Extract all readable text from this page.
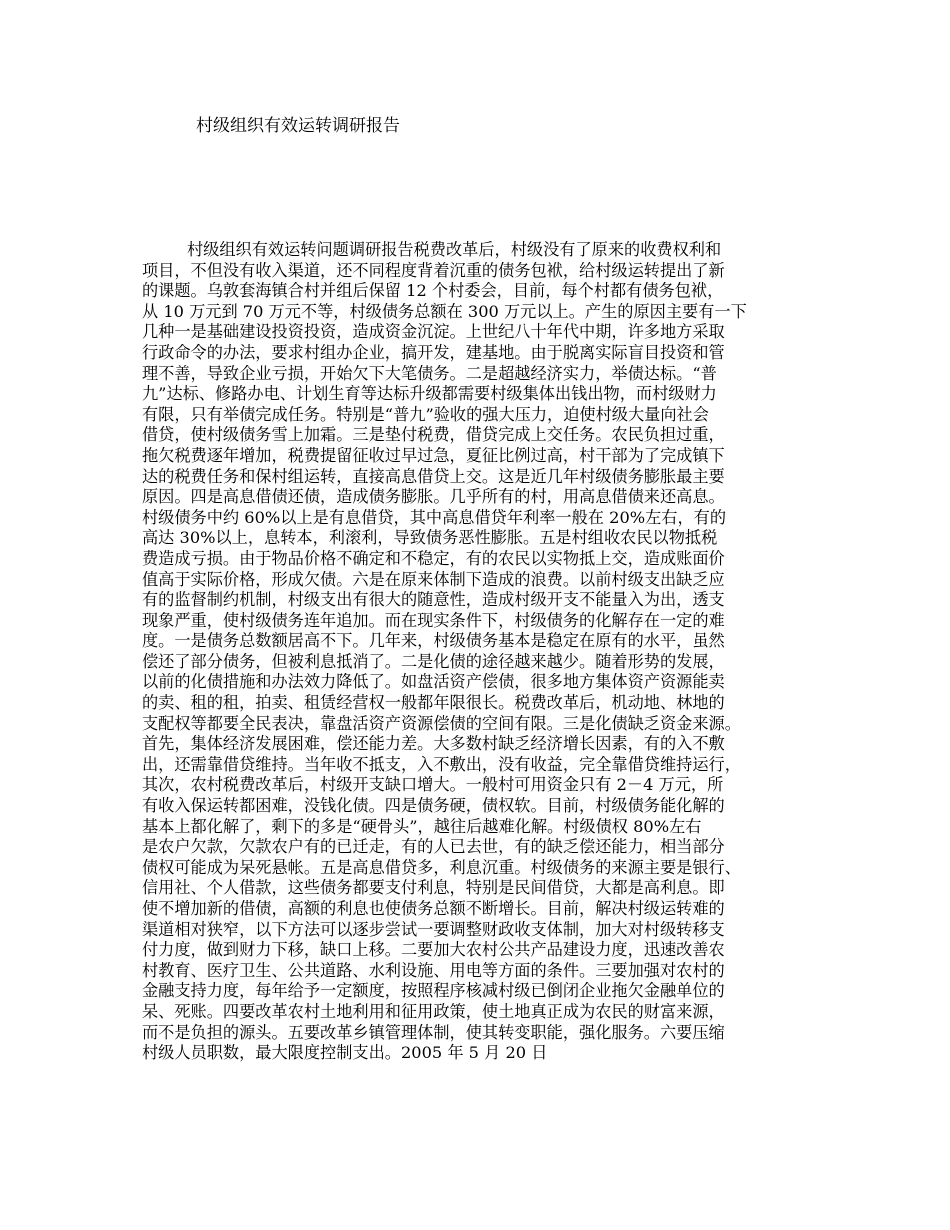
村级组织有效运转调研报告
村级组织有效运转问题调研报告税费改革后，村级没有了原来的收费权利和
项目，不但没有收入渠道，还不同程度背着沉重的债务包袱，给村级运转提出了新
的课题。乌敦套海镇合村并组后保留 12 个村委会，目前，每个村都有债务包袱，
从 10 万元到 70 万元不等，村级债务总额在 300 万元以上。产生的原因主要有一下
几种一是基础建设投资投资，造成资金沉淀。上世纪八十年代中期，许多地方采取
行政命令的办法，要求村组办企业，搞开发，建基地。由于脱离实际盲目投资和管
理不善，导致企业亏损，开始欠下大笔债务。二是超越经济实力，举债达标。“普
九”达标、修路办电、计划生育等达标升级都需要村级集体出钱出物，而村级财力
有限，只有举债完成任务。特别是“普九”验收的强大压力，迫使村级大量向社会
借贷，使村级债务雪上加霜。三是垫付税费，借贷完成上交任务。农民负担过重，
拖欠税费逐年增加，税费提留征收过早过急，夏征比例过高，村干部为了完成镇下
达的税费任务和保村组运转，直接高息借贷上交。这是近几年村级债务膨胀最主要
原因。四是高息借债还债，造成债务膨胀。几乎所有的村，用高息借债来还高息。
村级债务中约 60%以上是有息借贷，其中高息借贷年利率一般在 20%左右，有的
高达 30%以上，息转本，利滚利，导致债务恶性膨胀。五是村组收农民以物抵税
费造成亏损。由于物品价格不确定和不稳定，有的农民以实物抵上交，造成账面价
值高于实际价格，形成欠债。六是在原来体制下造成的浪费。以前村级支出缺乏应
有的监督制约机制，村级支出有很大的随意性，造成村级开支不能量入为出，透支
现象严重，使村级债务连年追加。而在现实条件下，村级债务的化解存在一定的难
度。一是债务总数额居高不下。几年来，村级债务基本是稳定在原有的水平，虽然
偿还了部分债务，但被利息抵消了。二是化债的途径越来越少。随着形势的发展，
以前的化债措施和办法效力降低了。如盘活资产偿债，很多地方集体资产资源能卖
的卖、租的租，拍卖、租赁经营权一般都年限很长。税费改革后，机动地、林地的
支配权等都要全民表决，靠盘活资产资源偿债的空间有限。三是化债缺乏资金来源。
首先，集体经济发展困难，偿还能力差。大多数村缺乏经济增长因素，有的入不敷
出，还需靠借贷维持。当年收不抵支，入不敷出，没有收益，完全靠借贷维持运行，
其次，农村税费改革后，村级开支缺口增大。一般村可用资金只有 2－4 万元，所
有收入保运转都困难，没钱化债。四是债务硬，债权软。目前，村级债务能化解的
基本上都化解了，剩下的多是“硬骨头”，越往后越难化解。村级债权 80%左右
是农户欠款，欠款农户有的已迁走，有的人已去世，有的缺乏偿还能力，相当部分
债权可能成为呆死悬帐。五是高息借贷多，利息沉重。村级债务的来源主要是银行、
信用社、个人借款，这些债务都要支付利息，特别是民间借贷，大都是高利息。即
使不增加新的借债，高额的利息也使债务总额不断增长。目前，解决村级运转难的
渠道相对狭窄，以下方法可以逐步尝试一要调整财政收支体制，加大对村级转移支
付力度，做到财力下移，缺口上移。二要加大农村公共产品建设力度，迅速改善农
村教育、医疗卫生、公共道路、水利设施、用电等方面的条件。三要加强对农村的
金融支持力度，每年给予一定额度，按照程序核减村级已倒闭企业拖欠金融单位的
呆、死账。四要改革农村土地利用和征用政策，使土地真正成为农民的财富来源，
而不是负担的源头。五要改革乡镇管理体制，使其转变职能，强化服务。六要压缩
村级人员职数，最大限度控制支出。2005 年 5 月 20 日
